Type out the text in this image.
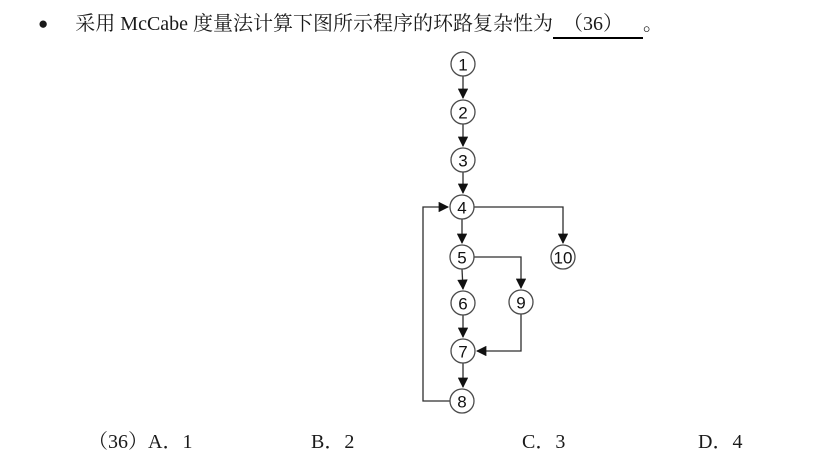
● 采用 McCabe 度量法计算下图所示程序的环路复杂性为 （36） 。
1
2
3
4
5
6
7
8
9
10
（36）A．1	B．2	C．3	D．4
